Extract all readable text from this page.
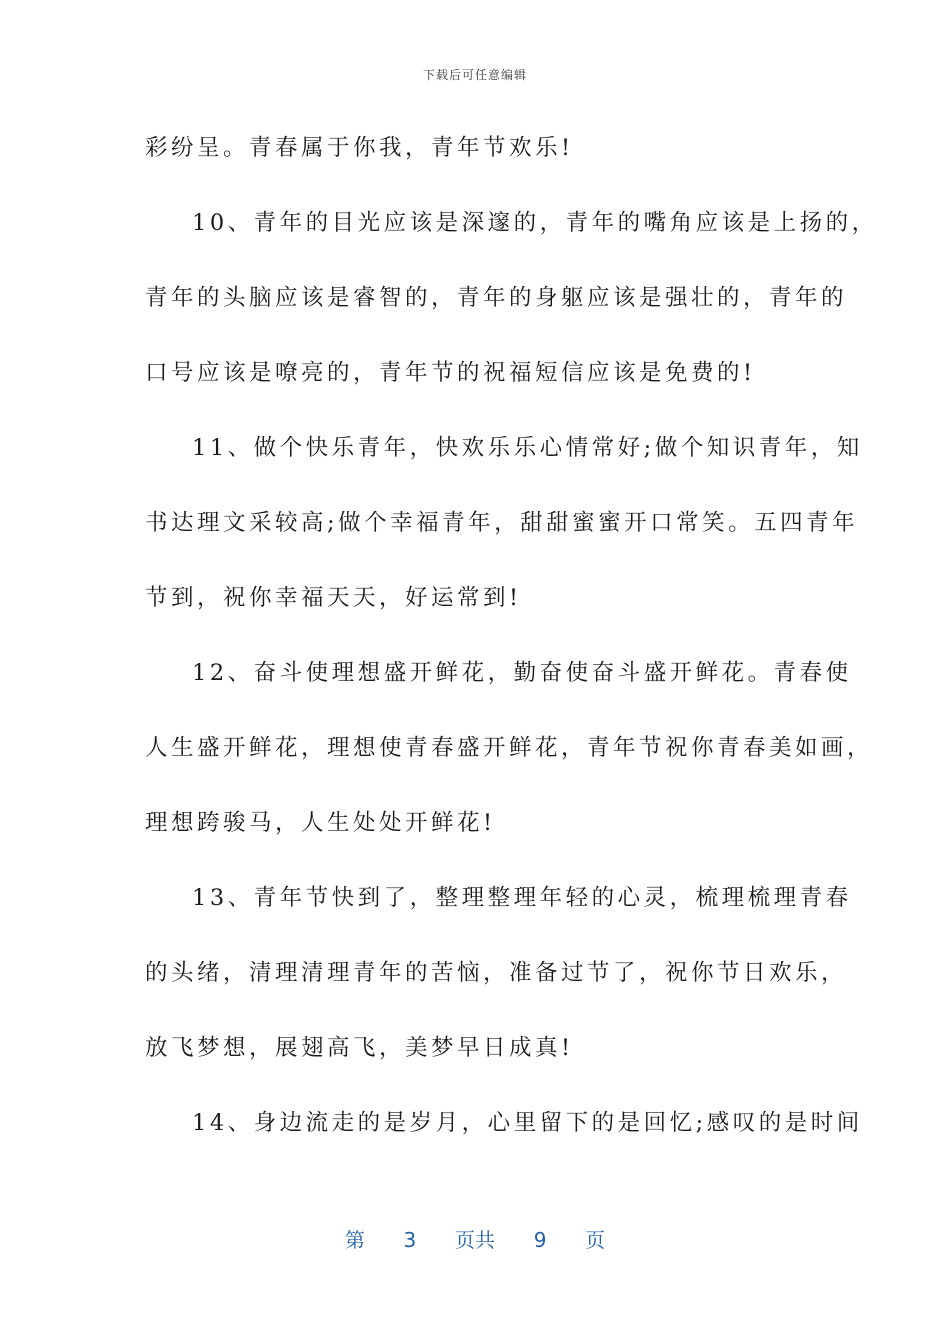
下载后可任意编辑
彩纷呈。青春属于你我，青年节欢乐!
10、青年的目光应该是深邃的，青年的嘴角应该是上扬的，
青年的头脑应该是睿智的，青年的身躯应该是强壮的，青年的
口号应该是嘹亮的，青年节的祝福短信应该是免费的!
11、做个快乐青年，快欢乐乐心情常好;做个知识青年，知
书达理文采较高;做个幸福青年，甜甜蜜蜜开口常笑。五四青年
节到，祝你幸福天天，好运常到!
12、奋斗使理想盛开鲜花，勤奋使奋斗盛开鲜花。青春使
人生盛开鲜花，理想使青春盛开鲜花，青年节祝你青春美如画，
理想跨骏马，人生处处开鲜花!
13、青年节快到了，整理整理年轻的心灵，梳理梳理青春
的头绪，清理清理青年的苦恼，准备过节了，祝你节日欢乐，
放飞梦想，展翅高飞，美梦早日成真!
14、身边流走的是岁月，心里留下的是回忆;感叹的是时间
第 3 页共 9 页
